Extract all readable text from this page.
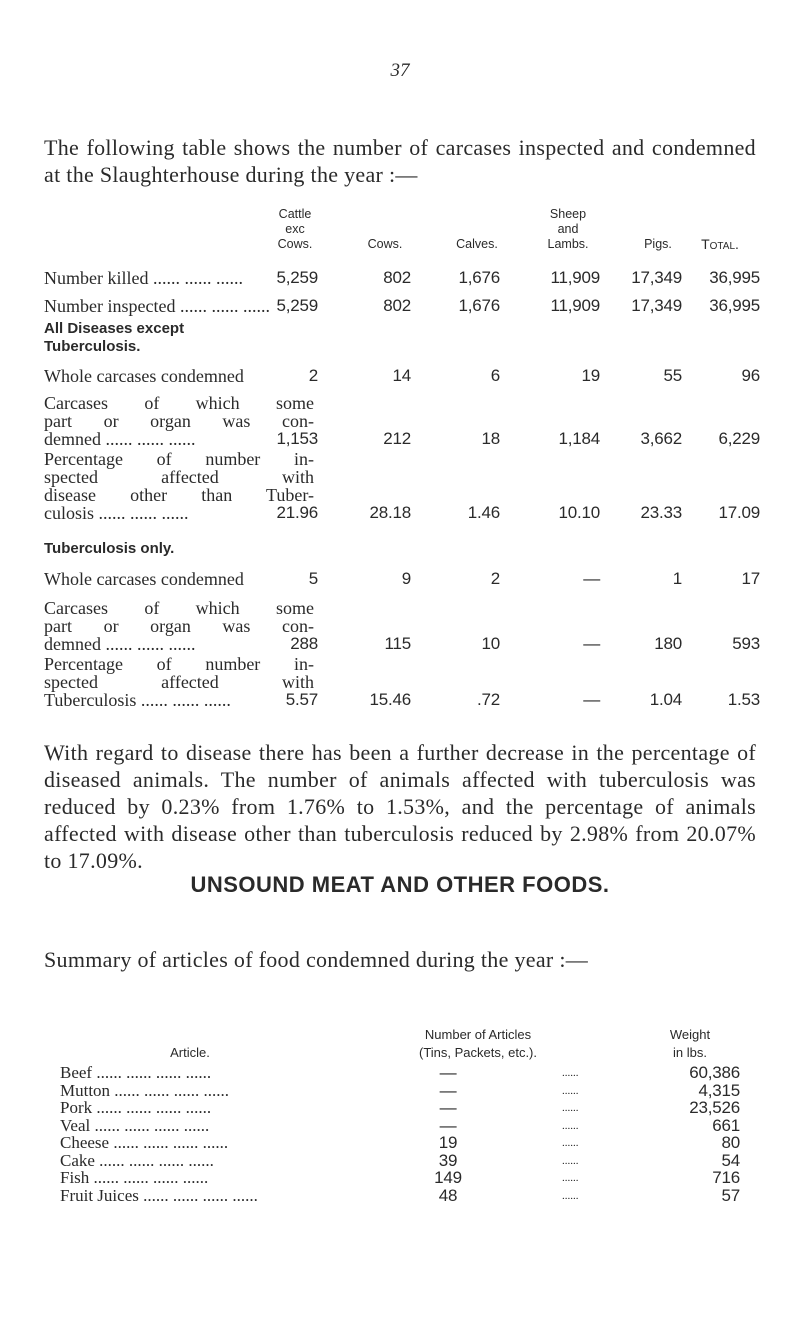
37
The following table shows the number of carcases inspected and condemned at the Slaughterhouse during the year :—
Cattle
exc
Cows.	Cows.	Calves.
Sheep
and
Lambs.	Pigs.	Total.
Number killed ...... ...... ......	5,259	802	1,676	11,909	17,349	36,995
Number inspected ...... ...... ...... 5,259	802	1,676	11,909	17,349	36,995
All Diseases except
Tuberculosis.
Whole carcases condemned	2	14	6	19	55	96
Carcases of which some
part or organ was con-
demned ...... ...... ......	1,153	212	18	1,184	3,662	6,229
Percentage of number in-
spected affected with
disease other than Tuber-
culosis ...... ...... ......	21.96	28.18	1.46	10.10	23.33	17.09
Tuberculosis only.
Whole carcases condemned	5	9	2	—	1	17
Carcases of which some
part or organ was con-
demned ...... ...... ......	288	115	10	—	180	593
Percentage of number in-
spected affected with
Tuberculosis ...... ...... ......	5.57	15.46	.72	—	1.04	1.53
With regard to disease there has been a further decrease in the percentage of diseased animals. The number of animals affected with tuberculosis was reduced by 0.23% from 1.76% to 1.53%, and the percentage of animals affected with disease other than tuberculosis reduced by 2.98% from 20.07% to 17.09%.
UNSOUND MEAT AND OTHER FOODS.
Summary of articles of food condemned during the year :—
Article.
Number of Articles
(Tins, Packets, etc.).
Weight
in lbs.
Beef ...... ...... ...... ......	—	......	60,386
Mutton ...... ...... ...... ......	—	......	4,315
Pork ...... ...... ...... ......	—	......	23,526
Veal ...... ...... ...... ......	—	......	661
Cheese ...... ...... ...... ......	19	......	80
Cake ...... ...... ...... ......	39	......	54
Fish ...... ...... ...... ......	149	......	716
Fruit Juices ...... ...... ...... ......	48	......	57
